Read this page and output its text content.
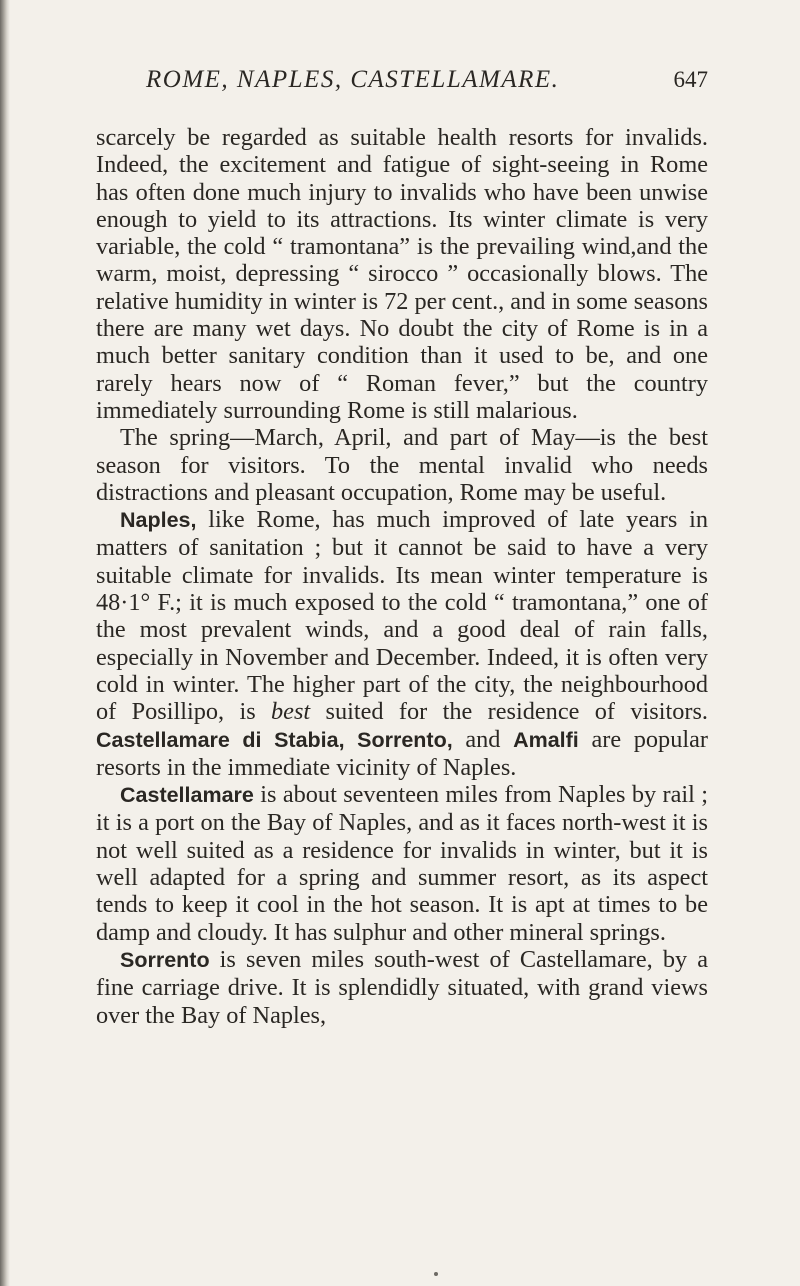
ROME, NAPLES, CASTELLAMARE.	647

scarcely be regarded as suitable health resorts for invalids. Indeed, the excitement and fatigue of sight-seeing in Rome has often done much injury to invalids who have been unwise enough to yield to its attractions. Its winter climate is very variable, the cold “ tramontana” is the prevailing wind,and the warm, moist, depressing “ sirocco ” occasionally blows. The relative humidity in winter is 72 per cent., and in some seasons there are many wet days. No doubt the city of Rome is in a much better sanitary condition than it used to be, and one rarely hears now of “ Roman fever,” but the country immediately surrounding Rome is still malarious.

The spring—March, April, and part of May—is the best season for visitors. To the mental invalid who needs distractions and pleasant occupation, Rome may be useful.

Naples, like Rome, has much improved of late years in matters of sanitation ; but it cannot be said to have a very suitable climate for invalids. Its mean winter temperature is 48·1° F.; it is much exposed to the cold “ tramontana,” one of the most prevalent winds, and a good deal of rain falls, especially in November and December. Indeed, it is often very cold in winter. The higher part of the city, the neighbourhood of Posillipo, is best suited for the residence of visitors. Castellamare di Stabia, Sorrento, and Amalfi are popular resorts in the immediate vicinity of Naples.

Castellamare is about seventeen miles from Naples by rail ; it is a port on the Bay of Naples, and as it faces north-west it is not well suited as a residence for invalids in winter, but it is well adapted for a spring and summer resort, as its aspect tends to keep it cool in the hot season. It is apt at times to be damp and cloudy. It has sulphur and other mineral springs.

Sorrento is seven miles south-west of Castellamare, by a fine carriage drive. It is splendidly situated, with grand views over the Bay of Naples,
